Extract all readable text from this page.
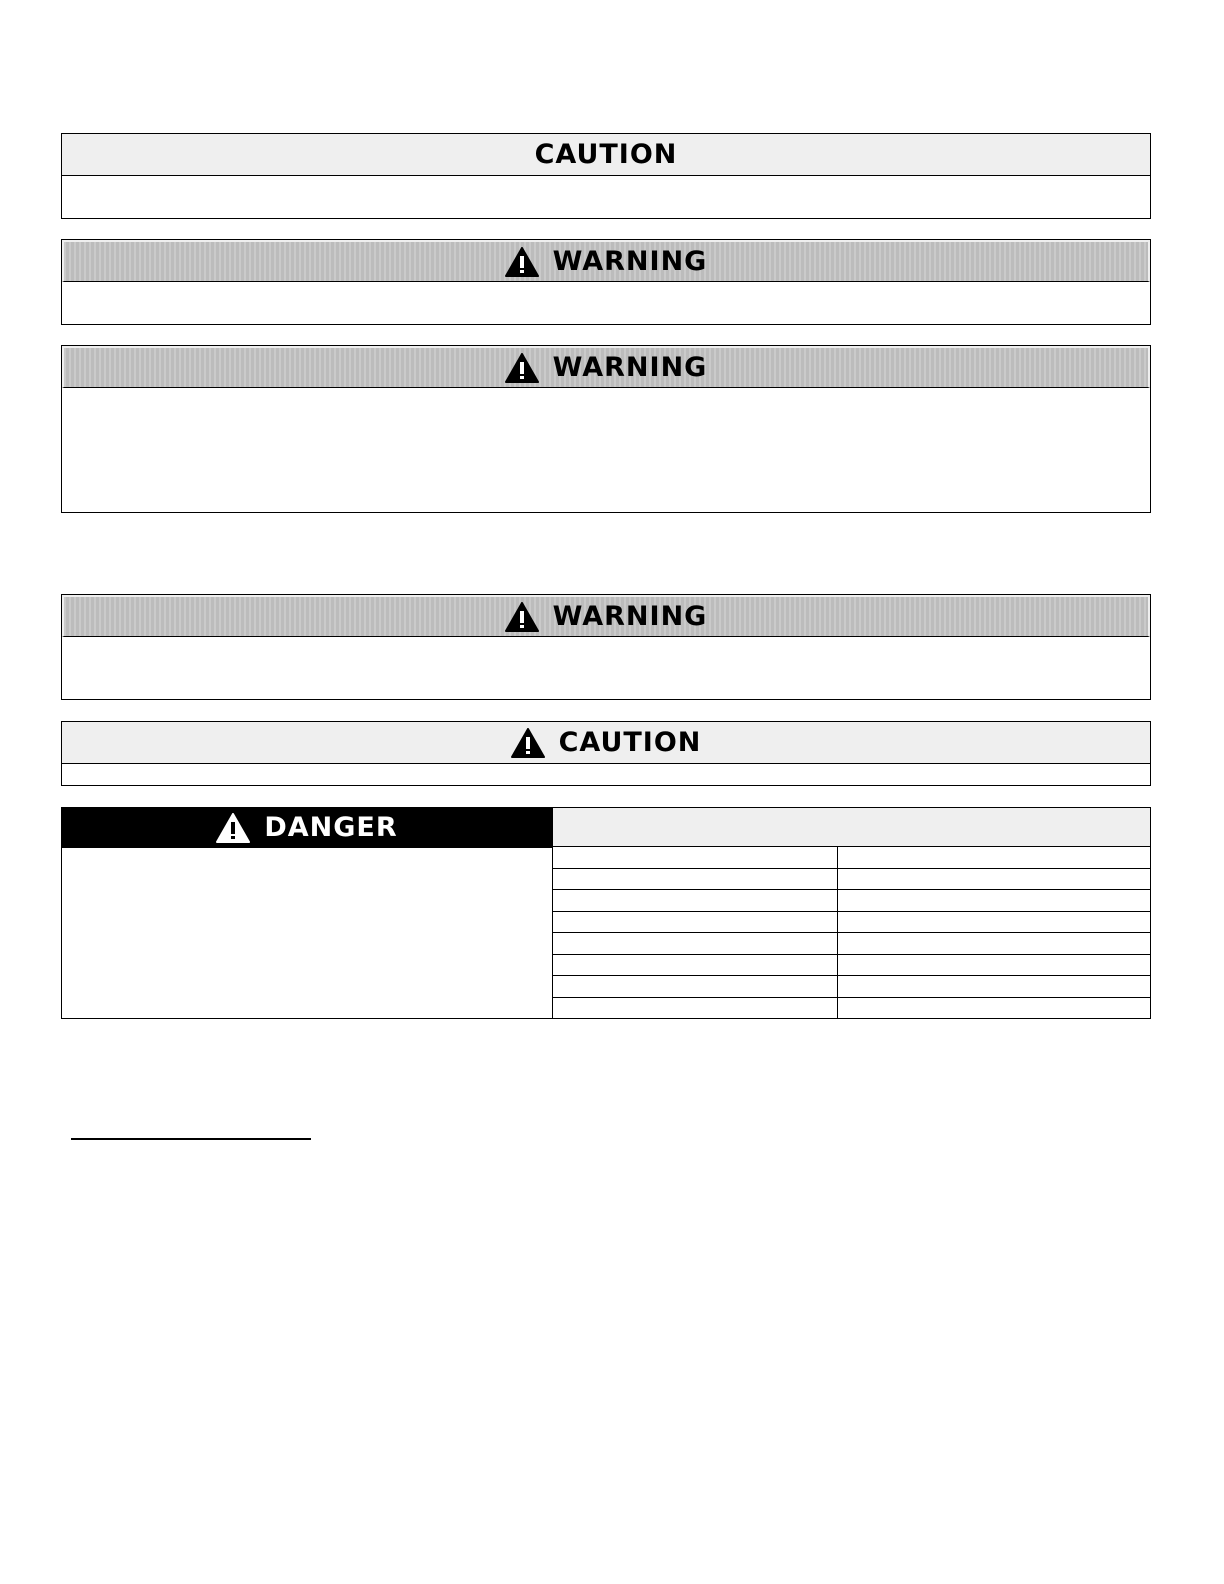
CAUTION
WARNING
WARNING
WARNING
CAUTION
DANGER
